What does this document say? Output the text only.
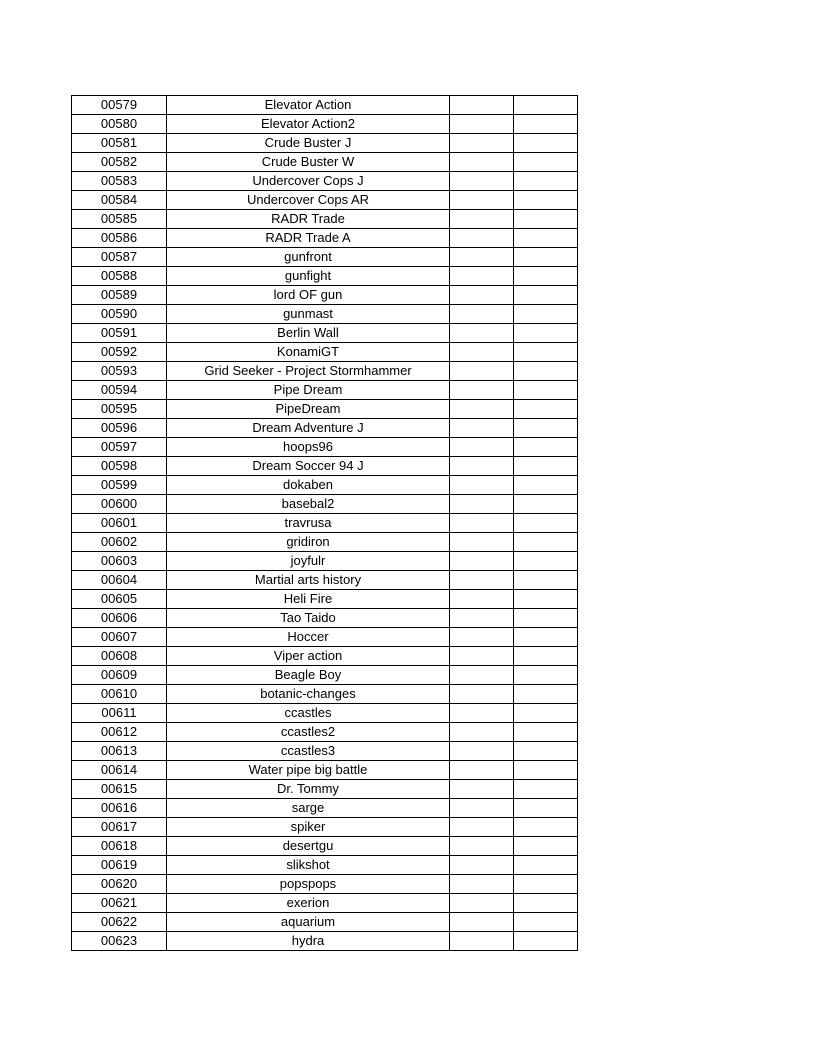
00579	Elevator Action		
00580	Elevator Action2		
00581	Crude Buster J		
00582	Crude Buster W		
00583	Undercover Cops J		
00584	Undercover Cops AR		
00585	RADR Trade		
00586	RADR Trade A		
00587	gunfront		
00588	gunfight		
00589	lord OF gun		
00590	gunmast		
00591	Berlin Wall		
00592	KonamiGT		
00593	Grid Seeker - Project Stormhammer		
00594	Pipe Dream		
00595	PipeDream		
00596	Dream Adventure J		
00597	hoops96		
00598	Dream Soccer 94 J		
00599	dokaben		
00600	basebal2		
00601	travrusa		
00602	gridiron		
00603	joyfulr		
00604	Martial arts history		
00605	Heli Fire		
00606	Tao Taido		
00607	Hoccer		
00608	Viper action		
00609	Beagle Boy		
00610	botanic-changes		
00611	ccastles		
00612	ccastles2		
00613	ccastles3		
00614	Water pipe big battle		
00615	Dr. Tommy		
00616	sarge		
00617	spiker		
00618	desertgu		
00619	slikshot		
00620	popspops		
00621	exerion		
00622	aquarium		
00623	hydra		
